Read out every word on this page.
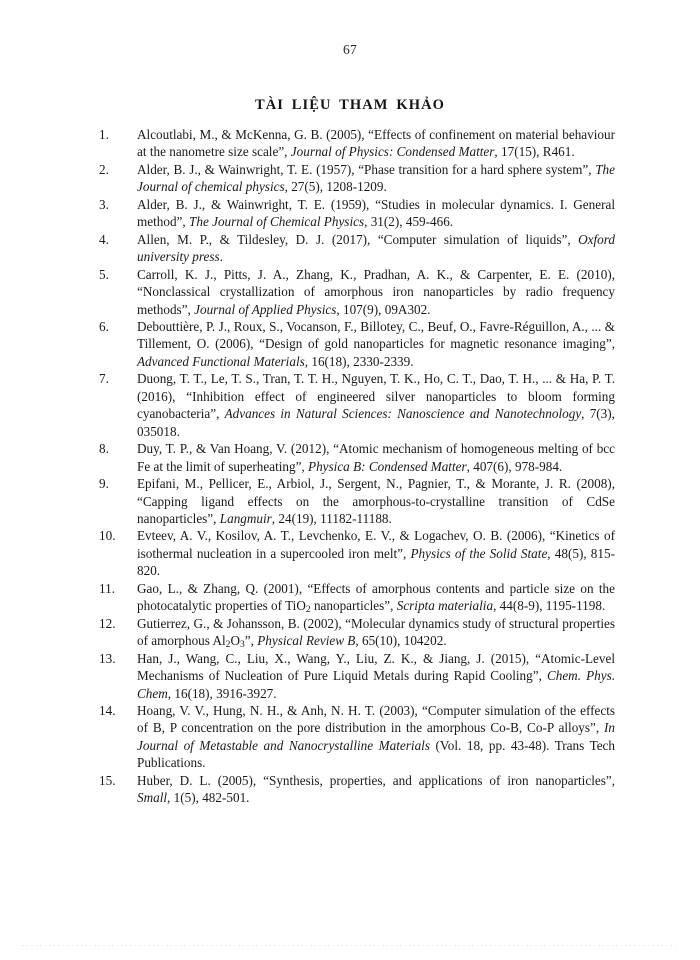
67
TÀI LIỆU THAM KHẢO
1.	Alcoutlabi, M., & McKenna, G. B. (2005), “Effects of confinement on material behaviour at the nanometre size scale”, Journal of Physics: Condensed Matter, 17(15), R461.
2.	Alder, B. J., & Wainwright, T. E. (1957), “Phase transition for a hard sphere system”, The Journal of chemical physics, 27(5), 1208-1209.
3.	Alder, B. J., & Wainwright, T. E. (1959), “Studies in molecular dynamics. I. General method”, The Journal of Chemical Physics, 31(2), 459-466.
4.	Allen, M. P., & Tildesley, D. J. (2017), “Computer simulation of liquids”, Oxford university press.
5.	Carroll, K. J., Pitts, J. A., Zhang, K., Pradhan, A. K., & Carpenter, E. E. (2010), “Nonclassical crystallization of amorphous iron nanoparticles by radio frequency methods”, Journal of Applied Physics, 107(9), 09A302.
6.	Debouttière, P. J., Roux, S., Vocanson, F., Billotey, C., Beuf, O., Favre-Réguillon, A., ... & Tillement, O. (2006), “Design of gold nanoparticles for magnetic resonance imaging”, Advanced Functional Materials, 16(18), 2330-2339.
7.	Duong, T. T., Le, T. S., Tran, T. T. H., Nguyen, T. K., Ho, C. T., Dao, T. H., ... & Ha, P. T. (2016), “Inhibition effect of engineered silver nanoparticles to bloom forming cyanobacteria”, Advances in Natural Sciences: Nanoscience and Nanotechnology, 7(3), 035018.
8.	Duy, T. P., & Van Hoang, V. (2012), “Atomic mechanism of homogeneous melting of bcc Fe at the limit of superheating”, Physica B: Condensed Matter, 407(6), 978-984.
9.	Epifani, M., Pellicer, E., Arbiol, J., Sergent, N., Pagnier, T., & Morante, J. R. (2008), “Capping ligand effects on the amorphous-to-crystalline transition of CdSe nanoparticles”, Langmuir, 24(19), 11182-11188.
10.	Evteev, A. V., Kosilov, A. T., Levchenko, E. V., & Logachev, O. B. (2006), “Kinetics of isothermal nucleation in a supercooled iron melt”, Physics of the Solid State, 48(5), 815-820.
11.	Gao, L., & Zhang, Q. (2001), “Effects of amorphous contents and particle size on the photocatalytic properties of TiO$_2$ nanoparticles”, Scripta materialia, 44(8-9), 1195-1198.
12.	Gutierrez, G., & Johansson, B. (2002), “Molecular dynamics study of structural properties of amorphous $Al_2O_3$”, Physical Review B, 65(10), 104202.
13.	Han, J., Wang, C., Liu, X., Wang, Y., Liu, Z. K., & Jiang, J. (2015), “Atomic-Level Mechanisms of Nucleation of Pure Liquid Metals during Rapid Cooling”, Chem. Phys. Chem, 16(18), 3916-3927.
14.	Hoang, V. V., Hung, N. H., & Anh, N. H. T. (2003), “Computer simulation of the effects of B, P concentration on the pore distribution in the amorphous Co-B, Co-P alloys”, In Journal of Metastable and Nanocrystalline Materials (Vol. 18, pp. 43-48). Trans Tech Publications.
15.	Huber, D. L. (2005), “Synthesis, properties, and applications of iron nanoparticles”, Small, 1(5), 482-501.
